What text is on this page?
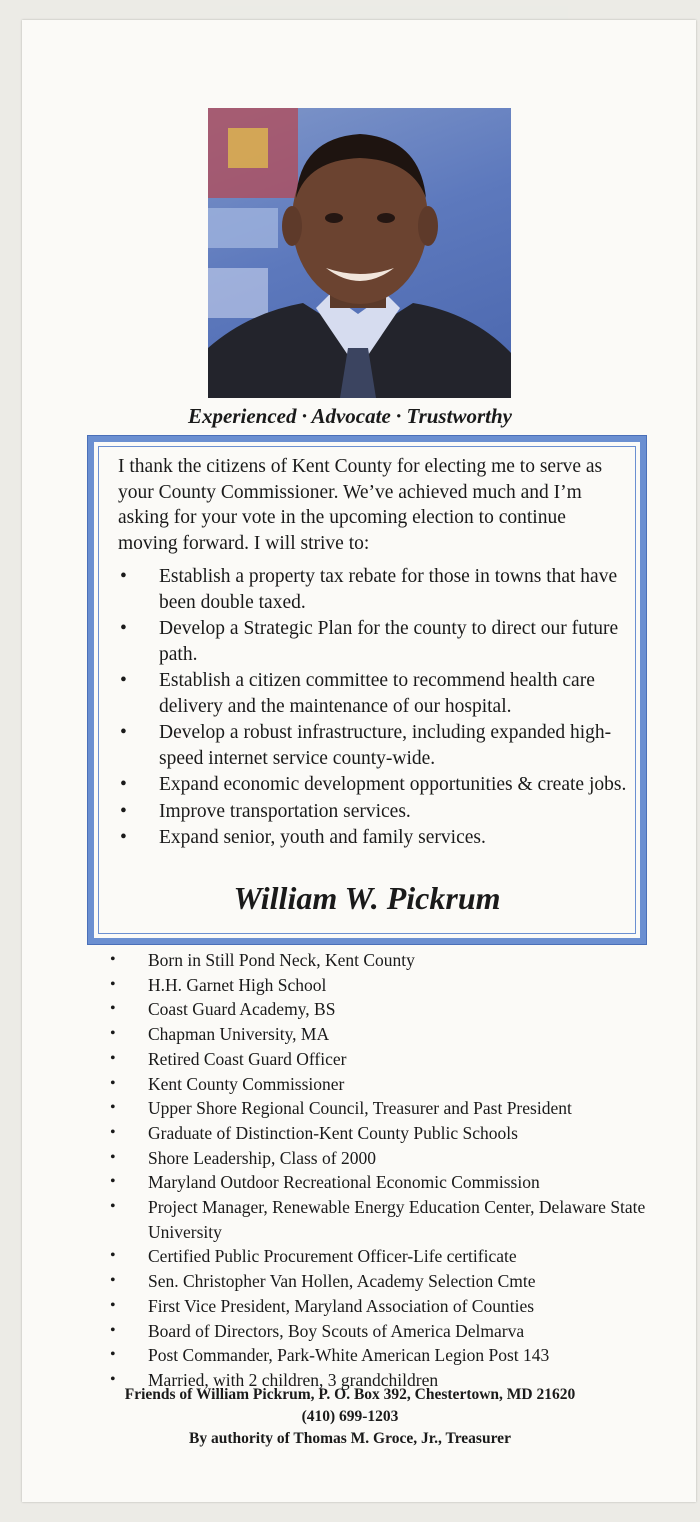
Experienced · Advocate · Trustworthy

I thank the citizens of Kent County for electing me to serve as your County Commissioner. We’ve achieved much and I’m asking for your vote in the upcoming election to continue moving forward. I will strive to:

• Establish a property tax rebate for those in towns that have been double taxed.
• Develop a Strategic Plan for the county to direct our future path.
• Establish a citizen committee to recommend health care delivery and the maintenance of our hospital.
• Develop a robust infrastructure, including expanded high-speed internet service county-wide.
• Expand economic development opportunities & create jobs.
• Improve transportation services.
• Expand senior, youth and family services.
William W. Pickrum
• Born in Still Pond Neck, Kent County
• H.H. Garnet High School
• Coast Guard Academy, BS
• Chapman University, MA
• Retired Coast Guard Officer
• Kent County Commissioner
• Upper Shore Regional Council, Treasurer and Past President
• Graduate of Distinction-Kent County Public Schools
• Shore Leadership, Class of 2000
• Maryland Outdoor Recreational Economic Commission
• Project Manager, Renewable Energy Education Center, Delaware State University
• Certified Public Procurement Officer-Life certificate
• Sen. Christopher Van Hollen, Academy Selection Cmte
• First Vice President, Maryland Association of Counties
• Board of Directors, Boy Scouts of America Delmarva
• Post Commander, Park-White American Legion Post 143
• Married, with 2 children, 3 grandchildren
Friends of William Pickrum, P. O. Box 392, Chestertown, MD 21620
(410) 699-1203
By authority of Thomas M. Groce, Jr., Treasurer
